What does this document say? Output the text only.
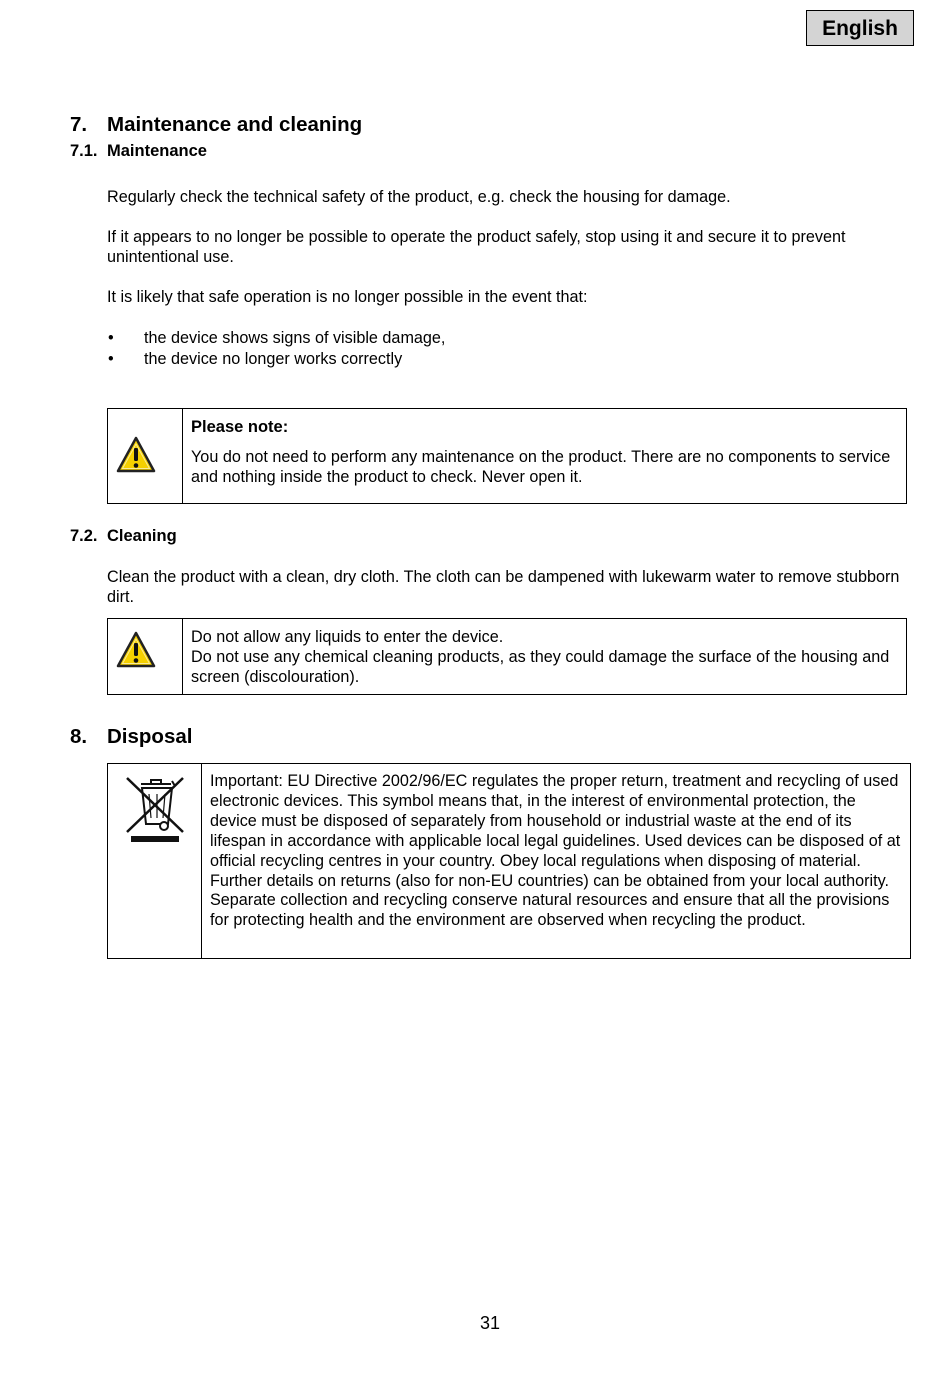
English
7. Maintenance and cleaning
7.1. Maintenance
Regularly check the technical safety of the product, e.g. check the housing for damage.
If it appears to no longer be possible to operate the product safely, stop using it and secure it to prevent unintentional use.
It is likely that safe operation is no longer possible in the event that:
• the device shows signs of visible damage,
• the device no longer works correctly
Please note:
You do not need to perform any maintenance on the product. There are no components to service and nothing inside the product to check. Never open it.
7.2. Cleaning
Clean the product with a clean, dry cloth. The cloth can be dampened with lukewarm water to remove stubborn dirt.
Do not allow any liquids to enter the device.
Do not use any chemical cleaning products, as they could damage the surface of the housing and screen (discolouration).
8. Disposal
Important: EU Directive 2002/96/EC regulates the proper return, treatment and recycling of used electronic devices. This symbol means that, in the interest of environmental protection, the device must be disposed of separately from household or industrial waste at the end of its lifespan in accordance with applicable local legal guidelines. Used devices can be disposed of at official recycling centres in your country. Obey local regulations when disposing of material. Further details on returns (also for non-EU countries) can be obtained from your local authority. Separate collection and recycling conserve natural resources and ensure that all the provisions for protecting health and the environment are observed when recycling the product.
31
